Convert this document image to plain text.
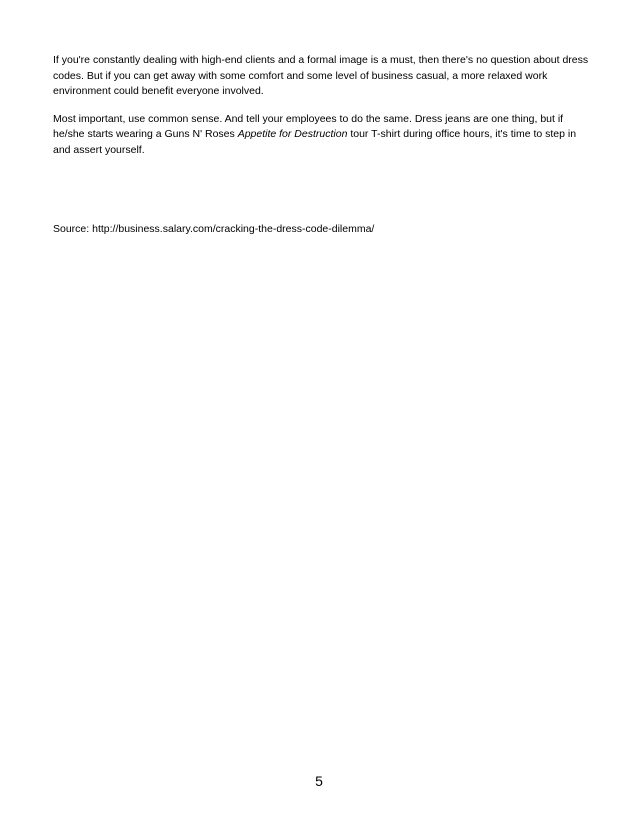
If you're constantly dealing with high-end clients and a formal image is a must, then there's no question about dress codes. But if you can get away with some comfort and some level of business casual, a more relaxed work environment could benefit everyone involved.

Most important, use common sense. And tell your employees to do the same. Dress jeans are one thing, but if he/she starts wearing a Guns N' Roses Appetite for Destruction tour T-shirt during office hours, it's time to step in and assert yourself.

Source: http://business.salary.com/cracking-the-dress-code-dilemma/
5
